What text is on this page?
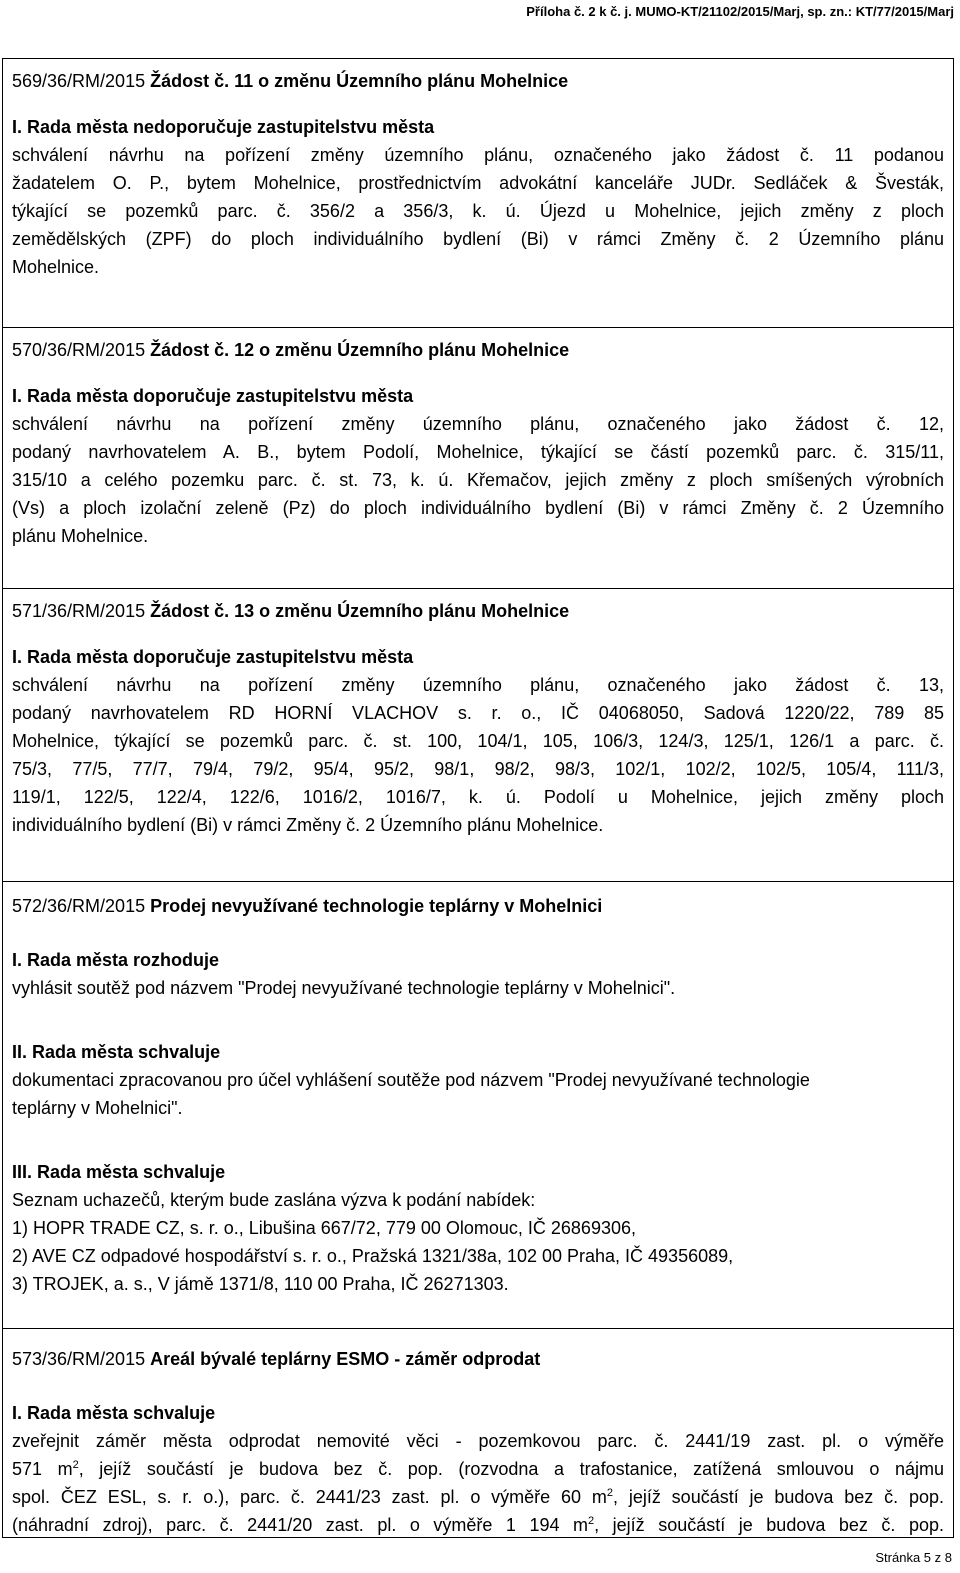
Příloha č. 2 k č. j. MUMO-KT/21102/2015/Marj, sp. zn.: KT/77/2015/Marj
569/36/RM/2015 Žádost č. 11 o změnu Územního plánu Mohelnice
I. Rada města nedoporučuje zastupitelstvu města
schválení návrhu na pořízení změny územního plánu, označeného jako žádost č. 11 podanou
žadatelem O. P., bytem Mohelnice, prostřednictvím advokátní kanceláře JUDr. Sedláček & Švesták,
týkající se pozemků parc. č. 356/2 a 356/3, k. ú. Újezd u Mohelnice, jejich změny z ploch
zemědělských (ZPF) do ploch individuálního bydlení (Bi) v rámci Změny č. 2 Územního plánu
Mohelnice.
570/36/RM/2015 Žádost č. 12 o změnu Územního plánu Mohelnice
I. Rada města doporučuje zastupitelstvu města
schválení návrhu na pořízení změny územního plánu, označeného jako žádost č. 12,
podaný navrhovatelem A. B., bytem Podolí, Mohelnice, týkající se částí pozemků parc. č. 315/11,
315/10 a celého pozemku parc. č. st. 73, k. ú. Křemačov, jejich změny z ploch smíšených výrobních
(Vs) a ploch izolační zeleně (Pz) do ploch individuálního bydlení (Bi) v rámci Změny č. 2 Územního
plánu Mohelnice.
571/36/RM/2015 Žádost č. 13 o změnu Územního plánu Mohelnice
I. Rada města doporučuje zastupitelstvu města
schválení návrhu na pořízení změny územního plánu, označeného jako žádost č. 13,
podaný navrhovatelem RD HORNÍ VLACHOV s. r. o., IČ 04068050, Sadová 1220/22, 789 85
Mohelnice, týkající se pozemků parc. č. st. 100, 104/1, 105, 106/3, 124/3, 125/1, 126/1 a parc. č.
75/3, 77/5, 77/7, 79/4, 79/2, 95/4, 95/2, 98/1, 98/2, 98/3, 102/1, 102/2, 102/5, 105/4, 111/3,
119/1, 122/5, 122/4, 122/6, 1016/2, 1016/7, k. ú. Podolí u Mohelnice, jejich změny ploch
individuálního bydlení (Bi) v rámci Změny č. 2 Územního plánu Mohelnice.
572/36/RM/2015 Prodej nevyužívané technologie teplárny v Mohelnici
I. Rada města rozhoduje
vyhlásit soutěž pod názvem "Prodej nevyužívané technologie teplárny v Mohelnici".
II. Rada města schvaluje
dokumentaci zpracovanou pro účel vyhlášení soutěže pod názvem "Prodej nevyužívané technologie
teplárny v Mohelnici".
III. Rada města schvaluje
Seznam uchazečů, kterým bude zaslána výzva k podání nabídek:
1) HOPR TRADE CZ, s. r. o., Libušina 667/72, 779 00 Olomouc, IČ 26869306,
2) AVE CZ odpadové hospodářství s. r. o., Pražská 1321/38a, 102 00 Praha, IČ 49356089,
3) TROJEK, a. s., V jámě 1371/8, 110 00 Praha, IČ 26271303.
573/36/RM/2015 Areál bývalé teplárny ESMO - záměr odprodat
I. Rada města schvaluje
zveřejnit záměr města odprodat nemovité věci - pozemkovou parc. č. 2441/19 zast. pl. o výměře
571 $m^2$, jejíž součástí je budova bez č. pop. (rozvodna a trafostanice, zatížená smlouvou o nájmu
spol. ČEZ ESL, s. r. o.), parc. č. 2441/23 zast. pl. o výměře 60 $m^2$, jejíž součástí je budova bez č. pop.
(náhradní zdroj), parc. č. 2441/20 zast. pl. o výměře 1 194 $m^2$, jejíž součástí je budova bez č. pop.
Stránka 5 z 8
